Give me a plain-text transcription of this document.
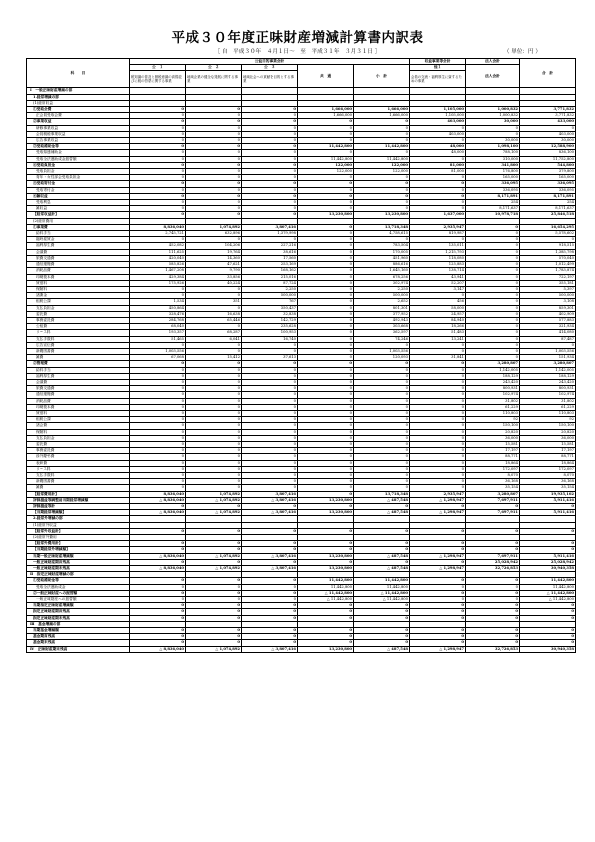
平成３０年度正味財産増減計算書内訳表
［ 自　平成３０年　４月１日～　至　平成３１年　３月３１日 ］	（ 単位：円 ）
科　　目	公益目的事業会計					収益事業等会計	法人会計	合　計
	公　１	公　２	公　３	共　通	小　計	他１	法人会計	
	税知識の普及と納税意識の高揚並びに税の啓蒙に関する事業	地域企業の健全な発展に関する事業	地域社会への貢献を目的とする事業			会員の交流・福利厚生に資するための事業		
Ⅰ　一般正味財産増減の部								
1.経常増減の部								
(1)経常収益								
①受取会費	0	0	0	1,666,000	1,666,000	1,105,000	1,000,832	3,771,832
正会員受取会費	0	0	0	1,666,000	1,666,000	1,105,000	1,000,832	3,771,832
②事業収益	0	0	0	0	0	403,000	30,000	433,000
研修事業収益	0	0	0	0	0	0	0	0
会員親睦事業収益	0	0	0	0	0	403,000	0	403,000
広告事業収益	0	0	0	0	0	0	30,000	30,000
③受取補助金等	0	0	0	11,442,800	11,442,800	48,000	1,098,100	12,588,900
受取県連補助金	0	0	0	0	0	48,000	788,100	836,100
受取全法連助成金振替額	0	0	0	11,442,800	11,442,800	0	310,000	11,752,800
④受取負担金	0	0	0	122,000	122,000	81,000	341,800	544,800
受取負担金	0	0	0	122,000	122,000	81,000	176,800	379,800
青年・女性部会受取負担金	0	0	0	0	0	0	165,000	165,000
⑤受取寄付金	0	0	0	0	0	0	336,095	336,095
受取寄付金	0	0	0	0	0	0	336,095	336,095
⑥雑収益	0	0	0	0	0	0	8,171,891	8,171,891
受取利息	0	0	0	0	0	0	254	254
雑収益	0	0	0	0	0	0	8,171,637	8,171,637
【経常収益計】	0	0	0	13,230,800	13,230,800	1,637,000	10,978,718	25,846,518
(2)経常費用								
①事業費	8,836,040	1,074,892	3,807,416	0	13,718,348	2,935,947	0	16,654,295
給料手当	2,745,721	632,896	1,379,998	0	4,758,615	819,987	0	5,578,602
臨時雇賃金	0	0	0	0	0	0	0	0
福利厚生費	452,082	104,206	227,216	0	783,504	135,011	0	918,515
会議費	111,625	19,764	38,616	0	170,005	1,215,793	0	1,385,798
旅費交通費	420,040	14,360	17,560	0	451,960	118,080	0	570,040
通信運搬費	585,826	47,621	253,169	0	886,616	125,883	0	1,012,499
消耗品費	1,467,208	9,790	168,162	0	1,645,160	138,714	0	1,783,874
印刷製本費	429,384	33,856	215,016	0	678,256	43,941	0	722,197
賃借料	175,926	40,224	87,724	0	302,974	52,207	0	355,181
保険料	0	0	2,250	0	2,250	3,147	0	5,397
諸謝金	0	0	500,000	0	500,000	0	0	500,000
租税公課	1,534	351	767	0	2,652	456	0	3,108
支払負担金	450,864	0	350,437	0	801,301	58,000	0	859,301
委託費	328,476	16,638	32,838	0	377,952	24,957	0	402,909
事務委託費	284,768	65,446	142,729	0	492,943	84,940	0	577,883
公租費	68,040	0	235,628	0	303,668	18,266	0	321,934
リース料	193,357	68,287	100,953	0	362,597	51,483	0	414,080
支払手数料	51,465	6,041	16,740	0	74,246	13,241	0	87,487
広告宣伝費	0	0	0	0	0	0	0	0
新聞図書費	1,003,556	0	0	0	1,003,556	0	0	1,003,556
雑費	67,068	15,412	37,613	0	120,093	31,841	0	151,934
②管理費	0	0	0	0	0	0	3,280,807	3,280,807
給料手当	0	0	0	0	0	0	1,142,005	1,142,005
福利厚生費	0	0	0	0	0	0	188,129	188,129
会議費	0	0	0	0	0	0	243,420	243,420
旅費交通費	0	0	0	0	0	0	800,931	800,931
通信運搬費	0	0	0	0	0	0	102,974	102,974
消耗品費	0	0	0	0	0	0	31,802	31,802
印刷製本費	0	0	0	0	0	0	61,229	61,229
賃借料	0	0	0	0	0	0	110,803	110,803
租税公課	0	0	0	0	0	0	92	92
諸会費	0	0	0	0	0	0	150,100	150,100
保険料	0	0	0	0	0	0	20,820	20,820
支払負担金	0	0	0	0	0	0	36,000	36,000
委託費	0	0	0	0	0	0	15,581	15,581
事務委託費	0	0	0	0	0	0	17,197	17,197
渉外慶弔費	0	0	0	0	0	0	88,771	88,771
表彰費	0	0	0	0	0	0	18,864	18,864
リース料	0	0	0	0	0	0	172,097	172,097
支払手数料	0	0	0	0	0	0	8,070	8,070
新聞図書費	0	0	0	0	0	0	36,168	36,168
雑費	0	0	0	0	0	0	35,154	35,154
【経常費用計】	8,836,040	1,074,892	3,807,416	0	13,718,348	2,935,947	3,280,807	19,935,102
評価損益等調整前当期経常増減額	△ 8,836,040	△ 1,074,892	△ 3,807,416	13,230,800	△ 487,548	△ 1,298,947	7,697,911	5,911,416
評価損益等計	0	0	0	0	0	0	0	0
【当期経常増減額】	△ 8,836,040	△ 1,074,892	△ 3,807,416	13,230,800	△ 487,548	△ 1,298,947	7,697,911	5,911,416
2.経常外増減の部								
(1)経常外収益								
【経常外収益計】	0	0	0	0	0	0	0	0
(2)経常外費用								
【経常外費用計】	0	0	0	0	0	0	0	0
【当期経常外増減額】	0	0	0	0	0	0	0	0
当期一般正味財産増減額	△ 8,836,040	△ 1,074,892	△ 3,807,416	13,230,800	△ 487,548	△ 1,298,947	7,697,911	5,911,416
一般正味財産期首残高	0	0	0	0	0	0	25,028,942	25,028,942
一般正味財産期末残高	△ 8,836,040	△ 1,074,892	△ 3,807,416	13,230,800	△ 487,548	△ 1,298,947	32,726,853	30,940,358
Ⅱ　指定正味財産増減の部								
①受取補助金等	0	0	0	11,442,800	11,442,800	0	0	11,442,800
受取全法連助成金	0	0	0	11,442,800	11,442,800	0	0	11,442,800
②一般正味財産への振替額	0	0	0	△ 11,442,800	△ 11,442,800	0	0	△ 11,442,800
一般正味財産への振替額	0	0	0	△ 11,442,800	△ 11,442,800	0	0	△ 11,442,800
当期指定正味財産増減額	0	0	0	0	0	0	0	0
指定正味財産期首残高	0	0	0	0	0	0	0	0
指定正味財産期末残高	0	0	0	0	0	0	0	0
Ⅲ　基金増減の部								
当期基金増減額	0	0	0	0	0	0	0	0
基金期首残高	0	0	0	0	0	0	0	0
基金期末残高	0	0	0	0	0	0	0	0
Ⅳ　正味財産期末残高	△ 8,836,040	△ 1,074,892	△ 3,807,416	13,230,800	△ 487,548	△ 1,298,947	32,726,853	30,940,358
